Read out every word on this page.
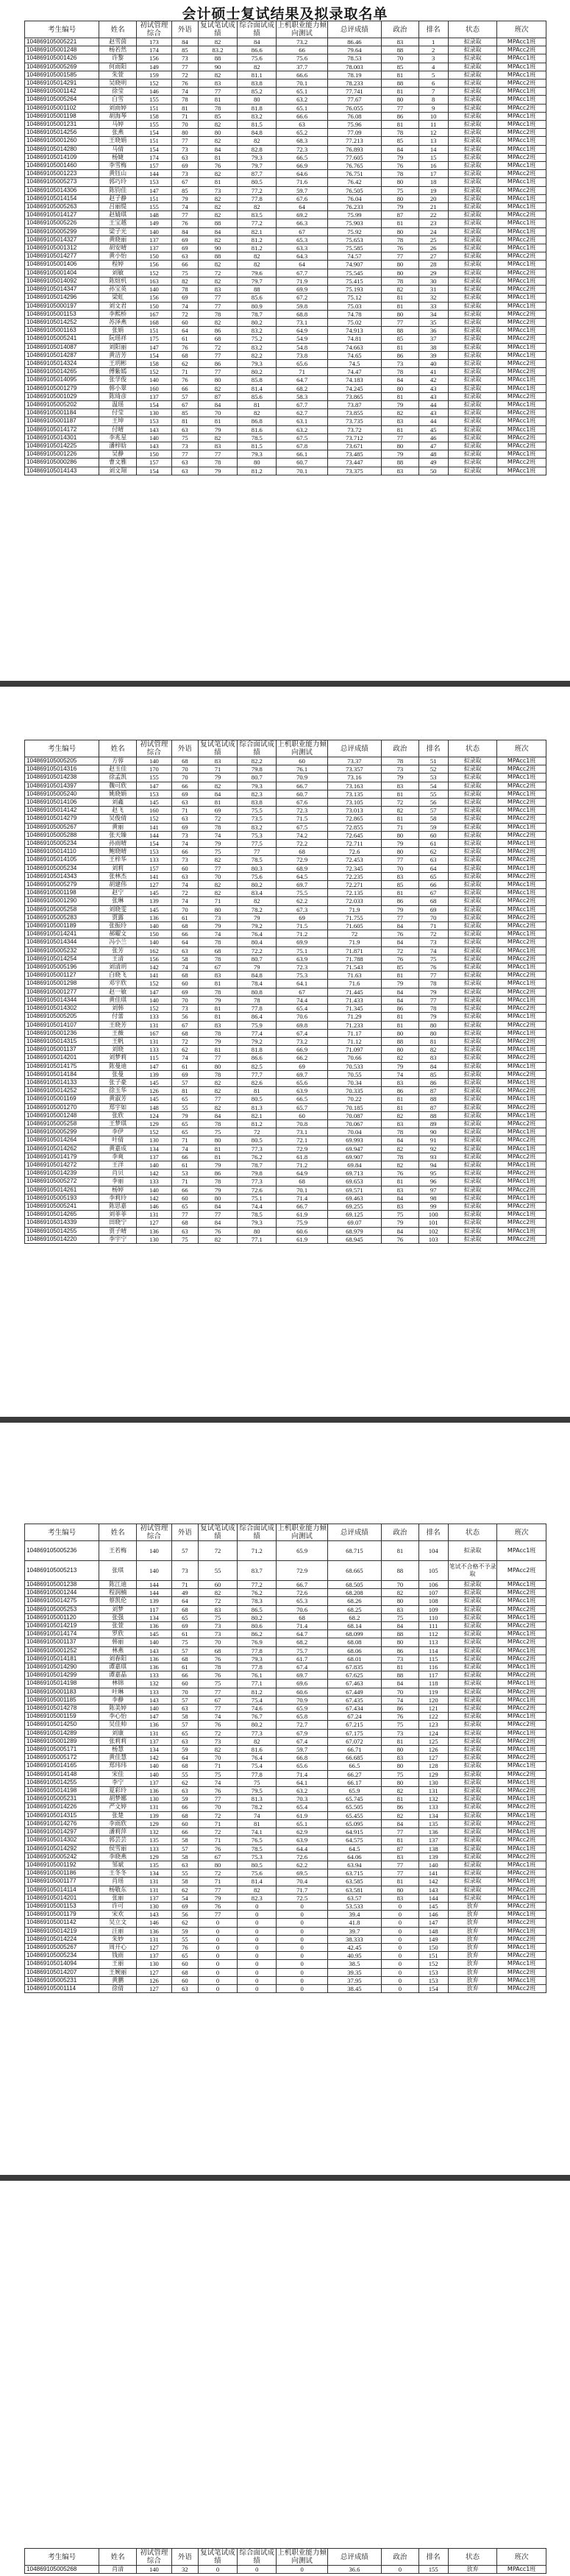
会计硕士复试结果及拟录取名单
考生编号	姓名	初试管理综合	外语	复试笔试成绩	综合面试成绩	上机职业能力倾向测试	总评成绩	政治	排名	状态	班次
104869105005221	赵雪茵	173	84	82	84	73.2	86.46	83	1	拟录取	MPAcc1班
104869105001248	杨若然	174	85	83.2	86.6	66	79.64	88	2	拟录取	MPAcc2班
104869105001426	许黎	156	73	88	75.6	75.6	78.53	70	3	拟录取	MPAcc1班
104869105005269	何雨阳	149	77	90	82	37.7	78.003	85	4	拟录取	MPAcc1班
104869105001585	朱萱	159	72	82	81.1	66.6	78.19	81	5	拟录取	MPAcc1班
104869105014291	吴晓明	152	76	83	83.8	70.1	78.233	88	6	拟录取	MPAcc2班
104869105001142	徐莹	146	74	77	85.2	65.1	77.741	81	7	拟录取	MPAcc1班
104869105005264	白雪	155	78	81	80	63.2	77.67	80	8	拟录取	MPAcc1班
104869105001102	刘雨婷	151	81	78	81.8	65.1	76.055	77	9	拟录取	MPAcc2班
104869105001198	胡海琴	158	71	85	83.2	66.6	76.08	86	10	拟录取	MPAcc1班
104869105001231	马婷	155	70	82	81.5	63	75.96	81	11	拟录取	MPAcc1班
104869105014256	张燕	154	80	80	84.8	65.2	77.09	78	12	拟录取	MPAcc2班
104869105001260	王晓娟	151	77	82	82	68.3	77.213	85	13	拟录取	MPAcc1班
104869105014280	马倩	154	73	84	82.8	72.3	76.893	84	14	拟录取	MPAcc1班
104869105014109	杨婕	174	63	81	79.3	66.5	77.605	79	15	拟录取	MPAcc2班
104869105001460	李雪梅	157	69	76	79.7	66.9	76.765	76	16	拟录取	MPAcc1班
104869105001223	黄钰山	144	73	82	87.7	64.6	76.751	78	17	拟录取	MPAcc2班
104869105005273	郭巧玲	153	67	81	80.5	71.6	76.42	80	18	拟录取	MPAcc1班
104869105014306	陈钧佳	147	85	73	77.2	59.7	76.505	75	19	拟录取	MPAcc2班
104869105014154	赵子静	151	79	82	77.8	67.6	76.04	80	20	拟录取	MPAcc1班
104869105005263	吕丽缇	155	74	82	82	64	76.233	79	21	拟录取	MPAcc1班
104869105014127	赵婧琪	148	77	82	83.5	69.2	75.99	87	22	拟录取	MPAcc2班
104869105005226	王宝越	149	76	88	77.2	66.3	75.903	81	23	拟录取	MPAcc1班
104869105005299	梁子光	140	84	84	82.1	67	75.92	80	24	拟录取	MPAcc1班
104869105014327	黄晓丽	137	69	82	81.2	65.3	75.653	78	25	拟录取	MPAcc2班
104869105001312	胡安晴	137	69	90	81.2	63.3	75.585	76	26	拟录取	MPAcc1班
104869105014277	黄小怡	150	63	88	82	64.3	74.57	77	27	拟录取	MPAcc2班
104869105001406	程婷	156	66	82	82	64	74.907	80	28	拟录取	MPAcc1班
104869105001404	刘敏	152	75	72	79.6	67.7	75.545	80	29	拟录取	MPAcc2班
104869105014092	陈煊机	163	82	82	79.7	71.9	75.415	78	30	拟录取	MPAcc1班
104869105014347	孙宝英	140	78	83	88	69.9	75.193	82	31	拟录取	MPAcc2班
104869105014296	梁虹	156	69	77	85.6	67.2	75.12	81	32	拟录取	MPAcc1班
104869105000197	刘文君	150	74	77	80.9	59.8	75.03	81	33	拟录取	MPAcc1班
104869105001153	李熙桥	167	72	78	78.7	68.8	74.78	80	34	拟录取	MPAcc2班
104869105014252	苏泽燕	168	60	82	80.2	73.1	75.02	77	35	拟录取	MPAcc2班
104869105001163	张娟	151	64	86	83.2	64.9	74.913	88	36	拟录取	MPAcc1班
104869105005241	阮瑶祥	175	61	68	75.2	54.9	74.81	85	37	拟录取	MPAcc2班
104869105014087	刘阳丽	147	76	72	83.2	54.8	74.663	81	38	拟录取	MPAcc1班
104869105014287	黄洁芳	154	68	77	82.2	73.8	74.65	86	39	拟录取	MPAcc1班
104869105014324	王玥彬	158	62	86	79.3	65.6	74.5	73	40	拟录取	MPAcc2班
104869105014265	傅紫嫣	152	71	77	80.2	71	74.47	78	41	拟录取	MPAcc2班
104869105014095	张学俊	140	76	80	85.8	64.7	74.183	84	42	拟录取	MPAcc1班
104869105001279	韩小翠	160	66	82	81.4	68.2	74.245	80	43	拟录取	MPAcc1班
104869105001029	陈琦彦	137	57	87	85.6	58.3	73.865	81	43	拟录取	MPAcc2班
104869105005202	温瑶	154	67	84	81	67.7	73.87	79	44	拟录取	MPAcc1班
104869105001184	付莹	130	85	70	82	62.7	73.855	82	43	拟录取	MPAcc2班
104869105001187	王坤	153	81	81	86.8	63.1	73.735	83	44	拟录取	MPAcc1班
104869105014172	付晴	143	63	79	81.6	63.2	73.72	81	45	拟录取	MPAcc1班
104869105014301	李兆星	140	75	82	78.5	67.5	73.712	77	46	拟录取	MPAcc2班
104869105014225	潘梓晗	143	73	83	81.5	67.8	73.671	80	47	拟录取	MPAcc2班
104869105001226	吴静	150	77	77	79.3	66.1	73.485	79	48	拟录取	MPAcc1班
104869105000286	曹文雅	157	63	78	80	60.7	73.447	88	49	拟录取	MPAcc2班
104869105014143	刘文翔	154	63	79	81.2	70.1	73.375	83	50	拟录取	MPAcc1班
考生编号	姓名	初试管理综合	外语	复试笔试成绩	综合面试成绩	上机职业能力倾向测试	总评成绩	政治	排名	状态	班次
104869105005205	方蓉	140	68	83	82.2	60	73.37	78	51	拟录取	MPAcc1班
104869105014316	赵玉佳	170	70	71	79.8	76.1	73.357	73	52	拟录取	MPAcc2班
104869105014238	徐孟凯	155	70	79	80.7	70.9	73.16	79	53	拟录取	MPAcc1班
104869105014397	魏可欣	147	66	82	79.3	66.7	73.163	83	54	拟录取	MPAcc2班
104869105005240	姚晓娟	153	69	84	82.3	60.7	73.135	81	55	拟录取	MPAcc1班
104869105014106	刘鑫	145	63	81	83.8	67.6	73.105	72	56	拟录取	MPAcc2班
104869105014142	赵飞	160	71	69	75.5	72.3	73.013	82	57	拟录取	MPAcc1班
104869105014279	吴俊倩	152	63	72	73.5	71.5	72.865	81	58	拟录取	MPAcc2班
104869105005267	黄丽	141	69	78	83.2	67.5	72.855	71	59	拟录取	MPAcc1班
104869105005288	张天臻	144	73	74	75.3	74.2	72.645	80	60	拟录取	MPAcc2班
104869105005234	孙雨晴	154	74	79	77.5	72.2	72.711	79	61	拟录取	MPAcc1班
104869105014110	鲍晓晴	153	66	75	77	68	72.6	80	62	拟录取	MPAcc2班
104869105014105	王梓华	133	73	82	78.5	72.9	72.453	77	63	拟录取	MPAcc2班
104869105005234	刘莉	157	60	77	80.3	68.9	72.345	70	64	拟录取	MPAcc1班
104869105014343	张林杰	141	63	70	75.6	64.5	72.235	83	65	拟录取	MPAcc2班
104869105005279	胡建伟	127	74	82	80.2	69.7	72.271	85	66	拟录取	MPAcc1班
104869105001198	赵宁	145	72	82	83.4	75.5	72.135	81	67	拟录取	MPAcc1班
104869105001290	张琳	139	74	71	82	62.2	72.033	86	68	拟录取	MPAcc2班
104869105005258	刘晓雯	145	70	80	78.2	67.3	71.9	79	69	拟录取	MPAcc1班
104869105005283	贾露	136	61	73	79	69	71.755	77	70	拟录取	MPAcc2班
104869105001189	张振玲	140	68	79	79.2	71.5	71.605	84	71	拟录取	MPAcc2班
104869105014241	郝曜文	150	66	74	76.4	71.2	72	76	72	拟录取	MPAcc1班
104869105014344	冯小兰	140	64	78	80.4	69.9	71.9	84	73	拟录取	MPAcc2班
104869105005232	张芳	162	63	68	72.2	75.1	71.871	72	74	拟录取	MPAcc1班
104869105014254	王清	156	58	78	80.7	63.9	71.788	76	75	拟录取	MPAcc2班
104869105005196	刘清玥	142	74	67	79	72.3	71.543	85	76	拟录取	MPAcc1班
104869105001127	白晓飞	141	68	83	84.8	75.3	71.63	81	77	拟录取	MPAcc2班
104869105001298	邓宇欣	152	60	81	78.4	64.1	71.6	79	78	拟录取	MPAcc1班
104869105001277	赵一敏	147	69	78	80.8	67	71.445	84	79	拟录取	MPAcc2班
104869105014344	黄佳琪	140	70	79	78	74.4	71.433	84	77	拟录取	MPAcc1班
104869105014302	刘韩	152	73	81	77.8	65.4	71.345	86	78	拟录取	MPAcc2班
104869105005205	付蕾	133	56	81	86.4	70.6	71.29	81	79	拟录取	MPAcc1班
104869105014107	王晓芳	131	67	83	75.9	69.8	71.233	81	80	拟录取	MPAcc2班
104869105001236	王薇	167	68	78	77.4	67.4	71.17	80	80	拟录取	MPAcc1班
104869105014315	王帆	131	72	79	79.2	73.2	71.12	88	81	拟录取	MPAcc2班
104869105001137	刘晓	133	62	81	81.8	66.9	71.097	80	82	拟录取	MPAcc1班
104869105014201	刘梦莉	115	74	77	86.6	66.2	70.66	82	83	拟录取	MPAcc2班
104869105014175	陈曼迪	147	61	80	82.5	69	70.533	79	84	拟录取	MPAcc1班
104869105014184	张曼	139	69	78	77.7	69.7	70.55	74	85	拟录取	MPAcc2班
104869105014133	张子豪	145	57	82	82.6	65.6	70.34	83	86	拟录取	MPAcc1班
104869105014252	徐玉华	126	81	82	81	63.9	70.335	86	87	拟录取	MPAcc2班
104869105001169	黄淑芳	145	65	77	80.5	66.5	70.22	81	88	拟录取	MPAcc1班
104869105001270	郑宇如	148	55	82	81.3	65.7	70.185	81	87	拟录取	MPAcc2班
104869105001248	张欣	124	79	84	82.1	60	70.087	82	88	拟录取	MPAcc1班
104869105005258	王梦琪	129	65	78	81.2	70.8	70.067	83	89	拟录取	MPAcc2班
104869105005299	李伊	152	65	75	72	73.1	70.04	78	90	拟录取	MPAcc1班
104869105014264	叶倩	130	71	80	80.5	72.1	69.993	84	91	拟录取	MPAcc2班
104869105014262	黄嘉成	134	74	81	77.3	72.9	69.947	82	92	拟录取	MPAcc1班
104869105014179	李爽	137	66	81	76.2	61.8	69.907	78	93	拟录取	MPAcc2班
104869105014272	王洋	140	61	79	78.7	71.2	69.84	82	94	拟录取	MPAcc1班
104869105014239	肖贝	142	53	86	79.8	64.9	69.713	76	95	拟录取	MPAcc2班
104869105005272	李丽	133	71	78	77.3	68	69.653	81	96	拟录取	MPAcc1班
104869105014261	杨婷	140	66	79	72.6	70.1	69.571	83	97	拟录取	MPAcc2班
104869105005193	李莉玲	142	60	80	75.1	71.4	69.463	84	98	拟录取	MPAcc1班
104869105005241	陈思嘉	146	65	84	74.4	66.7	69.255	83	99	拟录取	MPAcc2班
104869105014265	刘菲菲	131	77	77	78.5	61.9	69.125	75	100	拟录取	MPAcc1班
104869105014339	田晓宁	127	68	84	79.3	75.9	69.07	79	101	拟录取	MPAcc2班
104869105014255	贾子晴	136	63	76	80	60.6	68.979	84	102	拟录取	MPAcc1班
104869105014220	李宇宁	130	75	82	77.1	61.9	68.945	76	103	拟录取	MPAcc2班
考生编号	姓名	初试管理综合	外语	复试笔试成绩	综合面试成绩	上机职业能力倾向测试	总评成绩	政治	排名	状态	班次
104869105005236	王若梅	140	57	72	71.2	65.9	68.715	81	104	拟录取	MPAcc1班
104869105005213	张琪	140	73	55	83.7	72.9	68.665	88	105	笔试不合格不予录取	MPAcc2班
104869105001238	陈江迪	144	71	60	77.2	66.7	68.505	70	106	拟录取	MPAcc1班
104869105001244	程润楠	144	49	82	76.2	72.6	68.208	82	107	拟录取	MPAcc2班
104869105014275	蔡凯伦	139	64	72	78.3	65.3	68.26	80	108	拟录取	MPAcc1班
104869105005253	刘梦	117	68	83	86.5	70.6	68.25	83	109	拟录取	MPAcc2班
104869105001120	张强	134	65	75	80.2	68	68.2	75	110	拟录取	MPAcc1班
104869105014219	张萱	136	69	73	80.6	71.4	68.14	84	111	拟录取	MPAcc2班
104869105014174	罗欣	145	61	73	86.2	64.7	68.099	88	112	拟录取	MPAcc1班
104869105001137	韩丽	140	75	70	76.9	68.2	68.08	80	113	拟录取	MPAcc2班
104869105001252	林燕	143	57	68	77.8	75.7	68.06	86	114	拟录取	MPAcc1班
104869105014181	刘春阳	136	68	76	79.3	61.7	68.01	73	115	拟录取	MPAcc2班
104869105014290	谭嘉琪	136	61	78	77.8	67.4	67.835	81	116	拟录取	MPAcc1班
104869105014299	谭嘉晶	133	66	76	76.1	69.7	67.625	88	117	拟录取	MPAcc2班
104869105014198	林锦	132	60	75	77.1	69.6	67.463	84	118	拟录取	MPAcc1班
104869105001183	叶琳	133	70	77	81.2	60.6	67.449	70	119	拟录取	MPAcc2班
104869105001185	李静	143	57	67	75.4	70.9	67.435	74	120	拟录取	MPAcc1班
104869105014278	陈美婷	140	63	77	74.6	65.9	67.434	86	121	拟录取	MPAcc2班
104869105001159	李心怡	147	58	74	76.7	65.8	67.24	76	122	拟录取	MPAcc1班
104869105014250	吴佳帅	136	57	76	80.2	72.7	67.215	75	123	拟录取	MPAcc2班
104869105014289	刘康	131	65	72	77.3	67.9	67.175	73	124	拟录取	MPAcc1班
104869105001289	张莉莉	137	63	73	82	67.4	67.072	81	125	拟录取	MPAcc2班
104869105005171	杨慧	134	59	82	81.6	59.7	66.71	80	126	拟录取	MPAcc1班
104869105005172	黄佳慧	142	64	70	76.4	66.8	66.685	83	127	拟录取	MPAcc2班
104869105014165	郑玮玮	140	68	71	75.4	65.6	66.5	80	128	拟录取	MPAcc1班
104869105014148	宋佳	140	55	75	77.8	71.4	66.27	75	129	拟录取	MPAcc2班
104869105014255	李宁	137	62	74	75	64.1	66.17	80	130	拟录取	MPAcc1班
104869105014198	夏彩玲	136	63	76	79.5	63.2	65.9	82	131	拟录取	MPAcc2班
104869105005231	胡梦娜	130	59	77	81.3	70.3	65.745	81	132	拟录取	MPAcc1班
104869105014226	严文婷	131	66	70	78.2	65.4	65.505	86	133	拟录取	MPAcc2班
104869105014315	张楚	139	68	72	74	61.9	65.455	82	134	拟录取	MPAcc1班
104869105014276	李雨欣	129	60	71	81	65.1	65.095	84	135	拟录取	MPAcc2班
104869105014297	潘莉萍	132	66	72	74.1	62.9	64.915	77	136	拟录取	MPAcc1班
104869105014302	郭芸芸	135	58	71	76.5	63.9	64.575	81	137	拟录取	MPAcc2班
104869105014292	侯雪丽	133	57	76	78.5	64.4	64.5	87	138	拟录取	MPAcc1班
104869105005242	李晓燕	129	58	67	75.3	72.6	64.06	83	139	拟录取	MPAcc2班
104869105001192	邹斌	135	63	80	80.5	62.2	63.94	77	140	拟录取	MPAcc1班
104869105001186	王冬冬	134	55	72	75.6	69.5	63.715	77	141	拟录取	MPAcc2班
104869105001177	肖瑶	131	58	71	81.4	70.4	63.585	81	142	拟录取	MPAcc1班
104869105014114	杨敬东	131	62	77	82	71.7	63.581	80	143	拟录取	MPAcc2班
104869105014201	张丽	137	54	79	82.3	72.5	63.57	83	144	拟录取	MPAcc1班
104869105001153	许可	130	69	76	0	0	53.533	0	145	放弃	MPAcc2班
104869105001179	宋欢	143	56	77	0	0	39.4	0	146	放弃	MPAcc1班
104869105001142	吴立文	146	62	0	0	0	41.8	0	147	放弃	MPAcc2班
104869105014219	汪丽	136	59	0	0	0	39.7	0	148	放弃	MPAcc1班
104869105014224	朱妙	131	55	0	0	0	38.333	0	149	放弃	MPAcc2班
104869105005267	周开心	127	76	0	0	0	42.45	0	150	放弃	MPAcc1班
104869105005234	钱雨	137	65	0	0	0	40.95	0	151	放弃	MPAcc2班
104869105014094	王丽	130	60	0	0	0	38.5	0	152	放弃	MPAcc1班
104869105014207	王婉丽	127	68	0	0	0	39.35	0	153	放弃	MPAcc2班
104869105005231	黄鹏	126	60	0	0	0	37.95	0	153	放弃	MPAcc1班
104869105001114	徐倩	127	63	0	0	0	38.45	0	154	放弃	MPAcc2班
考生编号	姓名	初试管理综合	外语	复试笔试成绩	综合面试成绩	上机职业能力倾向测试	总评成绩	政治	排名	状态	班次
104869105005268	肖清	140	32	0	0	0	36.6	0	155	放弃	MPAcc1班
